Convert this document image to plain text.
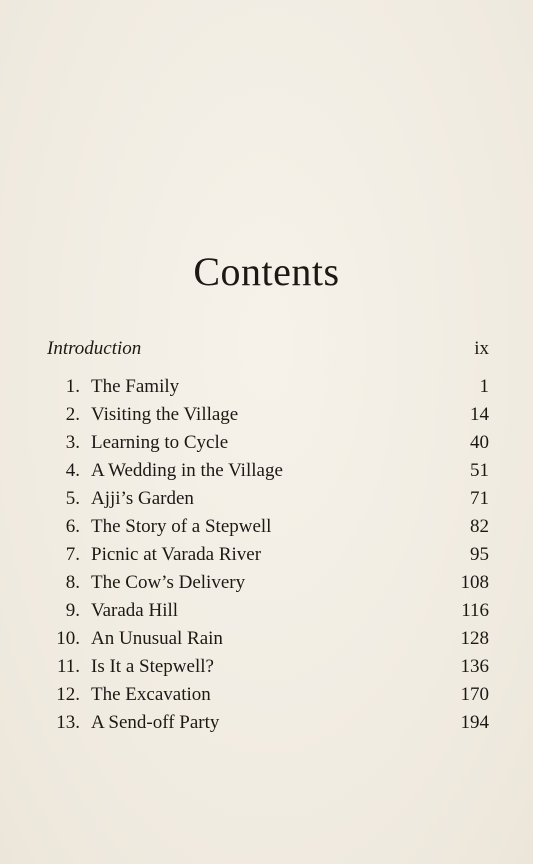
Contents
Introduction	ix
1. The Family	1
2. Visiting the Village	14
3. Learning to Cycle	40
4. A Wedding in the Village	51
5. Ajji’s Garden	71
6. The Story of a Stepwell	82
7. Picnic at Varada River	95
8. The Cow’s Delivery	108
9. Varada Hill	116
10. An Unusual Rain	128
11. Is It a Stepwell?	136
12. The Excavation	170
13. A Send-off Party	194
